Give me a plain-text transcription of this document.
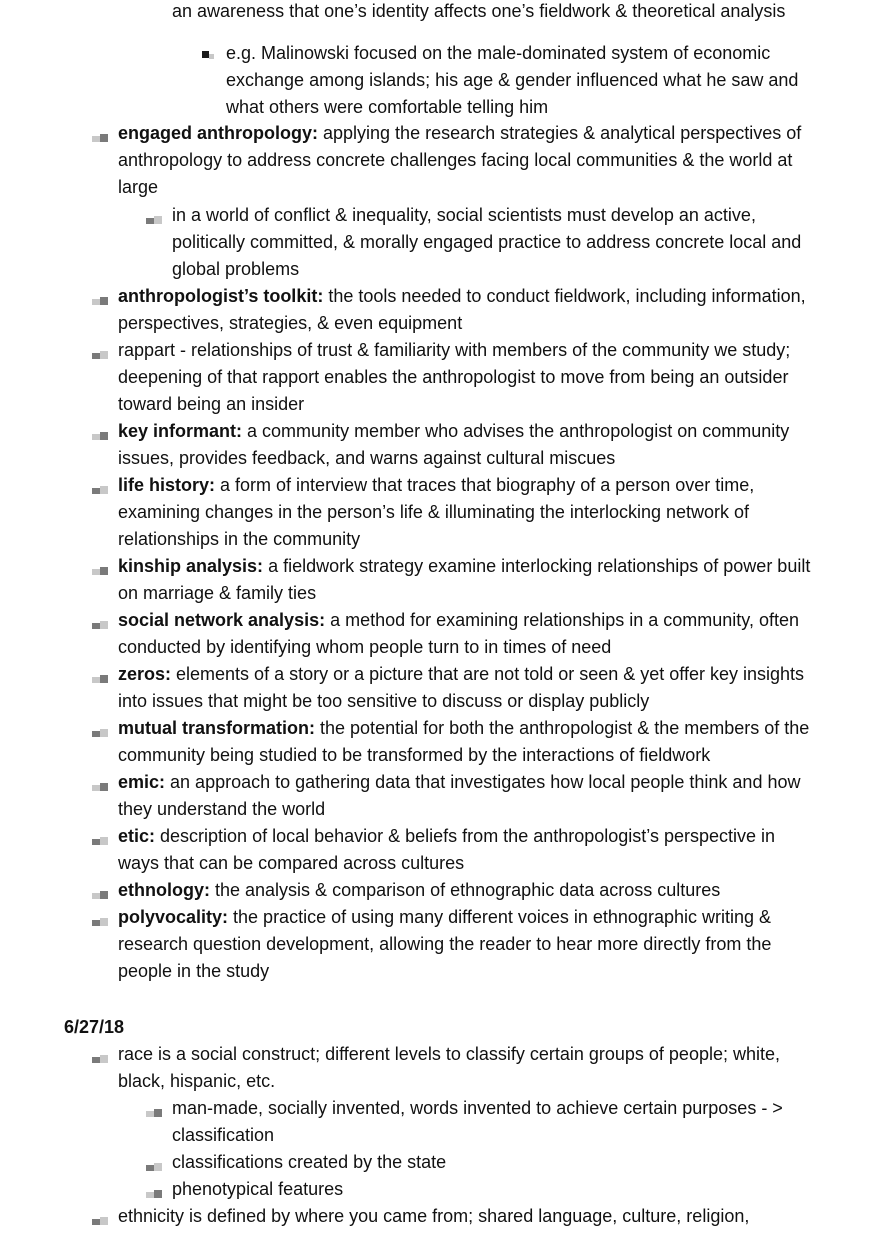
an awareness that one’s identity affects one’s fieldwork & theoretical analysis
e.g. Malinowski focused on the male-dominated system of economic exchange among islands; his age & gender influenced what he saw and what others were comfortable telling him
engaged anthropology: applying the research strategies & analytical perspectives of anthropology to address concrete challenges facing local communities & the world at large
in a world of conflict & inequality, social scientists must develop an active, politically committed, & morally engaged practice to address concrete local and global problems
anthropologist’s toolkit: the tools needed to conduct fieldwork, including information, perspectives, strategies, & even equipment
rappart - relationships of trust & familiarity with members of the community we study; deepening of that rapport enables the anthropologist to move from being an outsider toward being an insider
key informant: a community member who advises the anthropologist on community issues, provides feedback, and warns against cultural miscues
life history: a form of interview that traces that biography of a person over time, examining changes in the person’s life & illuminating the interlocking network of relationships in the community
kinship analysis: a fieldwork strategy examine interlocking relationships of power built on marriage & family ties
social network analysis: a method for examining relationships in a community, often conducted by identifying whom people turn to in times of need
zeros: elements of a story or a picture that are not told or seen & yet offer key insights into issues that might be too sensitive to discuss or display publicly
mutual transformation: the potential for both the anthropologist & the members of the community being studied to be transformed by the interactions of fieldwork
emic: an approach to gathering data that investigates how local people think and how they understand the world
etic: description of local behavior & beliefs from the anthropologist’s perspective in ways that can be compared across cultures
ethnology: the analysis & comparison of ethnographic data across cultures
polyvocality: the practice of using many different voices in ethnographic writing & research question development, allowing the reader to hear more directly from the people in the study
6/27/18
race is a social construct; different levels to classify certain groups of people; white, black, hispanic, etc.
man-made, socially invented, words invented to achieve certain purposes - > classification
classifications created by the state
phenotypical features
ethnicity is defined by where you came from; shared language, culture, religion,
